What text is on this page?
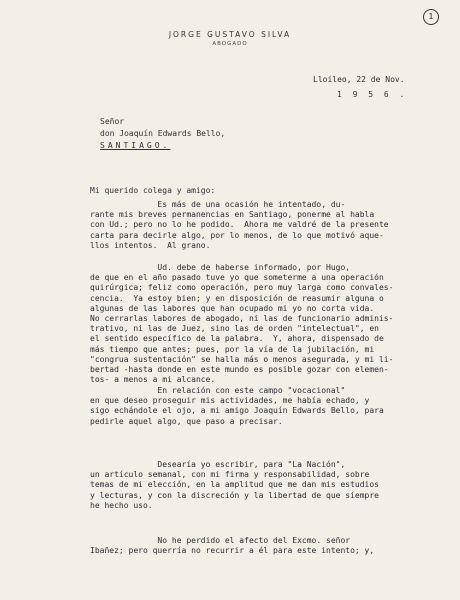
JORGE GUSTAVO SILVA
ABOGADO
1
Lloileo, 22 de Nov.
1 9 5 6 .
Señor
don Joaquín Edwards Bello,
SANTIAGO.
Mi querido colega y amigo:
Es más de una ocasión he intentado, du-
rante mis breves permanencias en Santiago, ponerme al habla
con Ud.; pero no lo he podido.  Ahora me valdré de la presente
carta para decirle algo, por lo menos, de lo que motivó aque-
llos intentos.  Al grano.
Ud. debe de haberse informado, por Hugo,
de que en el año pasado tuve yo que someterme a una operación
quirúrgica; feliz como operación, pero muy larga como convales-
cencia.  Ya estoy bien; y en disposición de reasumir alguna o
algunas de las labores que han ocupado mi yo no corta vida.
No cerrarlas labores de abogado, ni las de funcionario adminis-
trativo, ni las de Juez, sino las de orden "intelectual", en
el sentido específico de la palabra.  Y, ahora, dispensado de
más tiempo que antes; pues, por la vía de la jubilación, mi
"congrua sustentación" se halla más o menos asegurada, y mi li-
bertad -hasta donde en este mundo es posible gozar con elemen-
tos- a menos a mi alcance.
En relación con este campo "vocacional"
en que deseo proseguir mis actividades, me había echado, y
sigo echándole el ojo, a mi amigo Joaquín Edwards Bello, para
pedirle aquel algo, que paso a precisar.
Desearía yo escribir, para "La Nación",
un artículo semanal, con mi firma y responsabilidad, sobre
temas de mi elección, en la amplitud que me dan mis estudios
y lecturas, y con la discreción y la libertad de que siempre
he hecho uso.
No he perdido el afecto del Excmo. señor
Ibañez; pero querría no recurrir a él para este intento; y,
